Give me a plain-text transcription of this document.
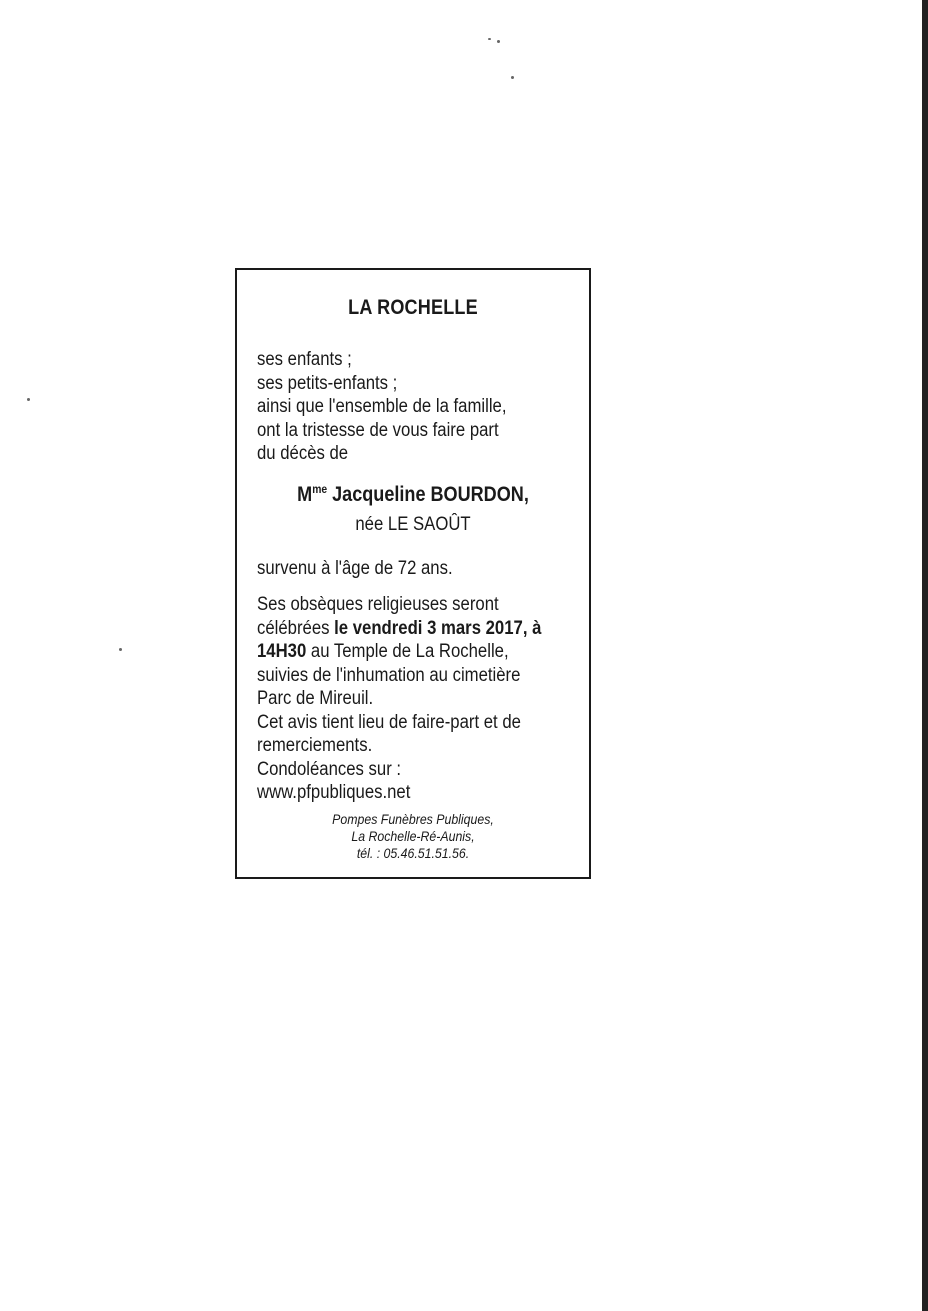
LA ROCHELLE
ses enfants ;
ses petits-enfants ;
ainsi que l'ensemble de la famille,
ont la tristesse de vous faire part
du décès de
$M^{me}$ Jacqueline BOURDON,
née LE SAOÛT
survenu à l'âge de 72 ans.
Ses obsèques religieuses seront
célébrées le vendredi 3 mars 2017, à
14H30 au Temple de La Rochelle,
suivies de l'inhumation au cimetière
Parc de Mireuil.
Cet avis tient lieu de faire-part et de
remerciements.
Condoléances sur :
www.pfpubliques.net
Pompes Funèbres Publiques,
La Rochelle-Ré-Aunis,
tél. : 05.46.51.51.56.
